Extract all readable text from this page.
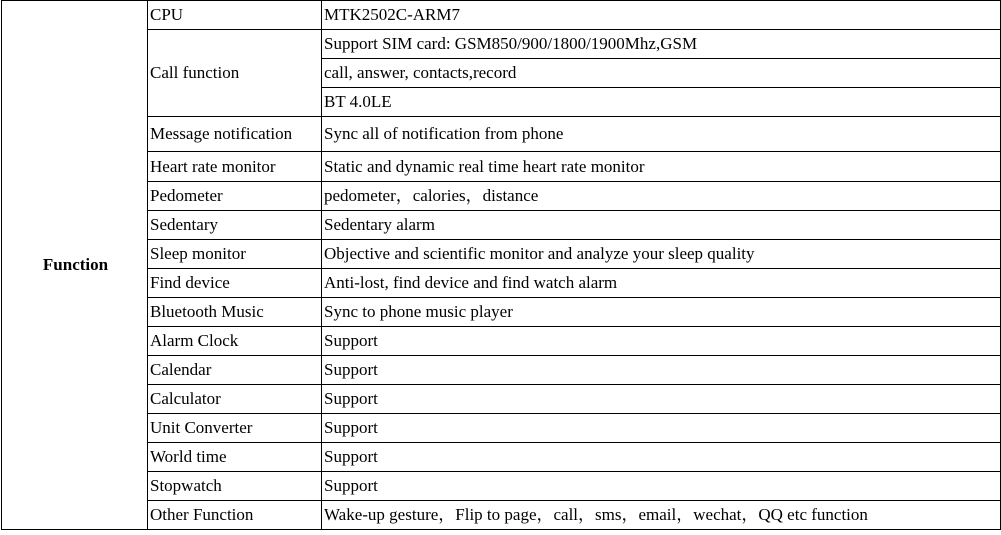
Function	CPU	MTK2502C-ARM7
	Call function	Support SIM card: GSM850/900/1800/1900Mhz,GSM
		call, answer, contacts,record
		BT 4.0LE
	Message notification	Sync all of notification from phone
	Heart rate monitor	Static and dynamic real time heart rate monitor
	Pedometer	pedometer，calories，distance
	Sedentary	Sedentary alarm
	Sleep monitor	Objective and scientific monitor and analyze your sleep quality
	Find device	Anti-lost, find device and find watch alarm
	Bluetooth Music	Sync to phone music player
	Alarm Clock	Support
	Calendar	Support
	Calculator	Support
	Unit Converter	Support
	World time	Support
	Stopwatch	Support
	Other Function	Wake-up gesture，Flip to page，call，sms，email，wechat，QQ etc function
